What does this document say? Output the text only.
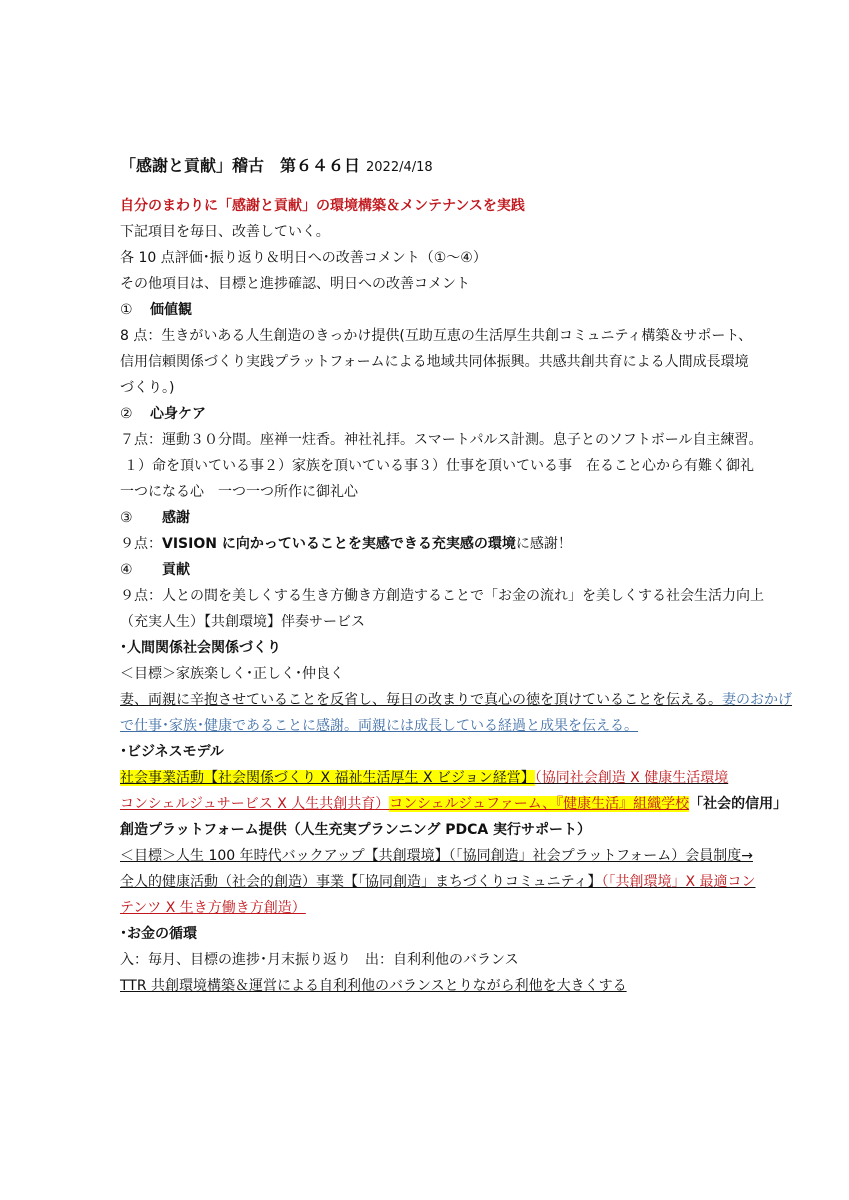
「感謝と貢献」稽古　第６４６日 2022/4/18
自分のまわりに「感謝と貢献」の環境構築＆メンテナンスを実践
下記項目を毎日、改善していく。
各 10 点評価･振り返り＆明日への改善コメント（①～④）
その他項目は、目標と進捗確認、明日への改善コメント
① 価値観
8 点：生きがいある人生創造のきっかけ提供(互助互恵の生活厚生共創コミュニティ構築＆サポート、
信用信頼関係づくり実践プラットフォームによる地域共同体振興。共感共創共育による人間成長環境
づくり。)
② 心身ケア
７点：運動３０分間。座禅一炷香。神社礼拝。スマートパルス計測。息子とのソフトボール自主練習。
１）命を頂いている事２）家族を頂いている事３）仕事を頂いている事　在ること心から有難く御礼
一つになる心　一つ一つ所作に御礼心
③ 感謝
９点：VISION に向かっていることを実感できる充実感の環境に感謝！
④ 貢献
９点：人との間を美しくする生き方働き方創造することで「お金の流れ」を美しくする社会生活力向上
（充実人生）【共創環境】伴奏サービス
･人間関係社会関係づくり
＜目標＞家族楽しく･正しく･仲良く
妻、両親に辛抱させていることを反省し、毎日の改まりで真心の徳を頂けていることを伝える。妻のおかげ
で仕事･家族･健康であることに感謝。両親には成長している経過と成果を伝える。
･ビジネスモデル
社会事業活動【社会関係づくり X 福祉生活厚生 X ビジョン経営】（協同社会創造 X 健康生活環境
コンシェルジュサービス X 人生共創共育）コンシェルジュファーム、『健康生活』組織学校「社会的信用」
創造プラットフォーム提供（人生充実プランニング PDCA 実行サポート）
＜目標＞人生 100 年時代バックアップ【共創環境】（「協同創造」社会プラットフォーム）会員制度→
全人的健康活動（社会的創造）事業【「協同創造」まちづくりコミュニティ】（「共創環境」X 最適コン
テンツ X 生き方働き方創造）
･お金の循環
入：毎月、目標の進捗･月末振り返り　出：自利利他のバランス
TTR 共創環境構築＆運営による自利利他のバランスとりながら利他を大きくする
